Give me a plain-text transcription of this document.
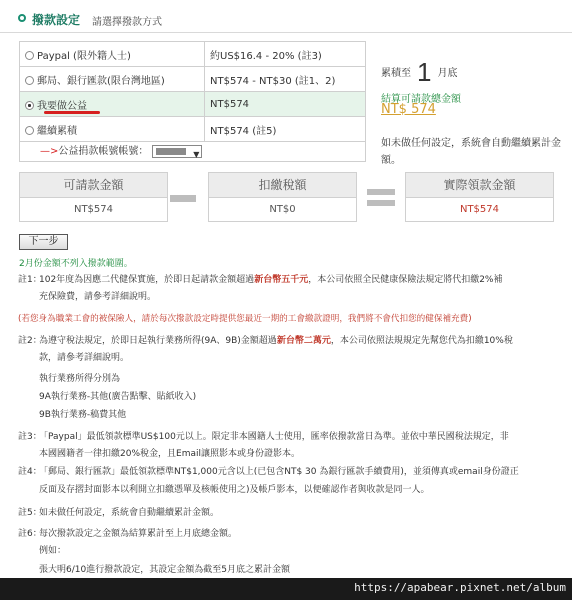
撥款設定 請選擇撥款方式
Paypal (限外籍人士)	約US$16.4 - 20% (註3)
郵局、銀行匯款(限台灣地區)	NT$574 - NT$30 (註1、2)
我要做公益	NT$574
繼續累積	NT$574 (註5)
—>公益捐款帳號帳號：	▼
累積至 1 月底
結算可請款總金額
NT$ 574
如未做任何設定，系統會自動繼續累計金額。
可請款金額
NT$574
扣繳稅額
NT$0
實際領款金額
NT$574
下一步
2月份金額不列入撥款範圍。
註1：
102年度為因應二代健保實施，於即日起請款金額超過新台幣五千元，本公司依照全民健康保險法規定將代扣繳2%補
充保險費，請參考詳細說明。
(若您身為職業工會的被保險人，請於每次撥款設定時提供您最近一期的工會繳款證明，我們將不會代扣您的健保補充費)
註2：
為遵守稅法規定，於即日起執行業務所得(9A、9B)金額超過新台幣二萬元，本公司依照法規規定先幫您代為扣繳10%稅
款，請參考詳細說明。
執行業務所得分別為
9A執行業務-其他(廣告點擊、貼紙收入)
9B執行業務-稿費其他
註3：
「Paypal」最低領款標準US$100元以上。限定非本國籍人士使用，匯率依撥款當日為準。並依中華民國稅法規定，非
本國國籍者一律扣繳20%稅金，且Email讓照影本或身份證影本。
註4：
「郵局、銀行匯款」最低領款標準NT$1,000元含以上(已包含NT$ 30 為銀行匯款手續費用)，並須傳真或email身份證正
反面及存摺封面影本以利開立扣繳憑單及核帳使用之)及帳戶影本，以便確認作者與收款是同一人。
註5：
如未做任何設定，系統會自動繼續累計金額。
註6：
每次撥款設定之金額為結算累計至上月底總金額。
例如：
張大明6/10進行撥款設定，其設定金額為截至5月底之累計金額
https://apabear.pixnet.net/album
